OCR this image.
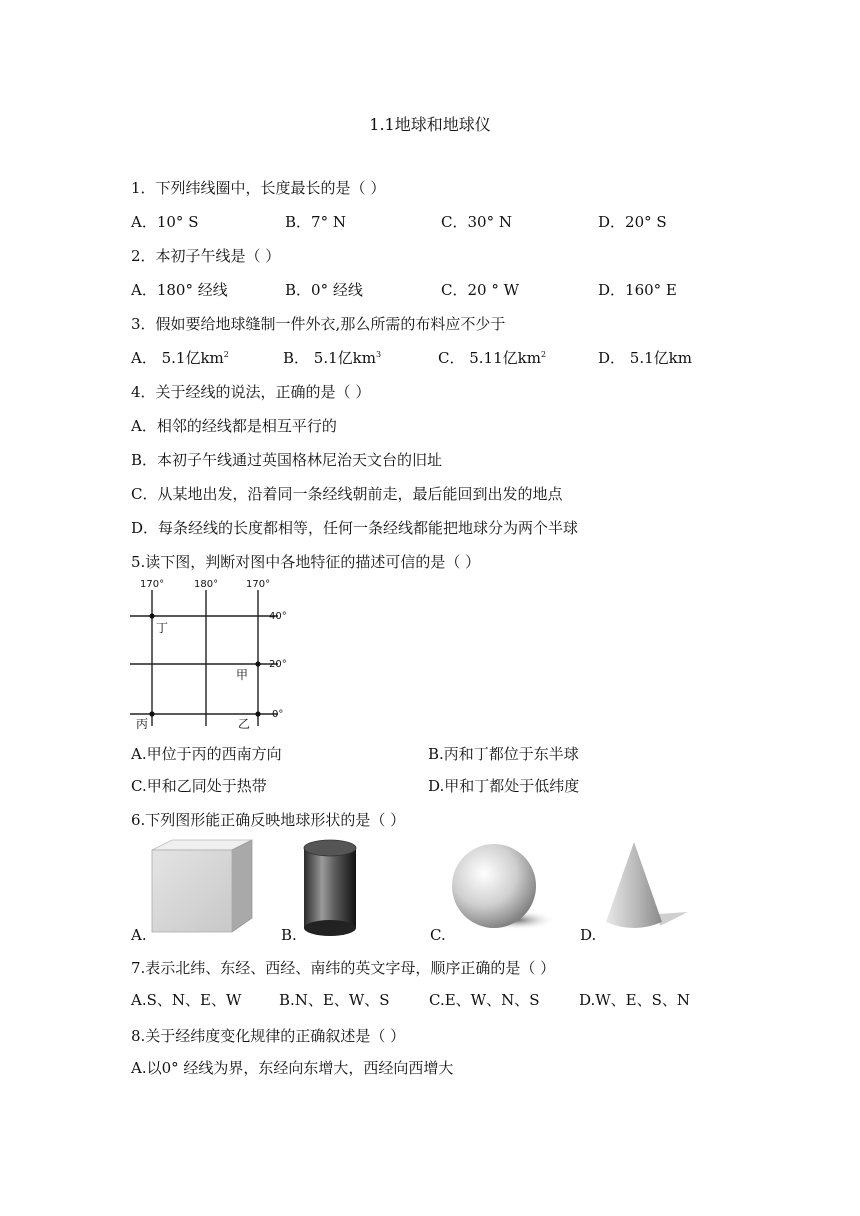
1.1地球和地球仪
1．下列纬线圈中，长度最长的是（ ）
A．10° S	B．7° N	C．30° N	D．20° S
2．本初子午线是（ ）
A．180° 经线	B．0° 经线	C．20 ° W	D．160° E
3．假如要给地球缝制一件外衣,那么所需的布料应不少于
A． 5.1亿$km^2$	B． 5.1亿$km^3$	C． 5.11亿$km^2$	D． 5.1亿km
4．关于经线的说法，正确的是（ ）
A．相邻的经线都是相互平行的
B．本初子午线通过英国格林尼治天文台的旧址
C．从某地出发，沿着同一条经线朝前走，最后能回到出发的地点
D．每条经线的长度都相等，任何一条经线都能把地球分为两个半球
5.读下图，判断对图中各地特征的描述可信的是（ ）
170°	180°	170°
40°
20°
0°
丁
甲
丙	乙
A.甲位于丙的西南方向	B.丙和丁都位于东半球
C.甲和乙同处于热带	D.甲和丁都处于低纬度
6.下列图形能正确反映地球形状的是（ ）
A.	B.	C.	D.
7.表示北纬、东经、西经、南纬的英文字母，顺序正确的是（ ）
A.S、N、E、W	B.N、E、W、S	C.E、W、N、S	D.W、E、S、N
8.关于经纬度变化规律的正确叙述是（ ）
A.以0° 经线为界，东经向东增大，西经向西增大
